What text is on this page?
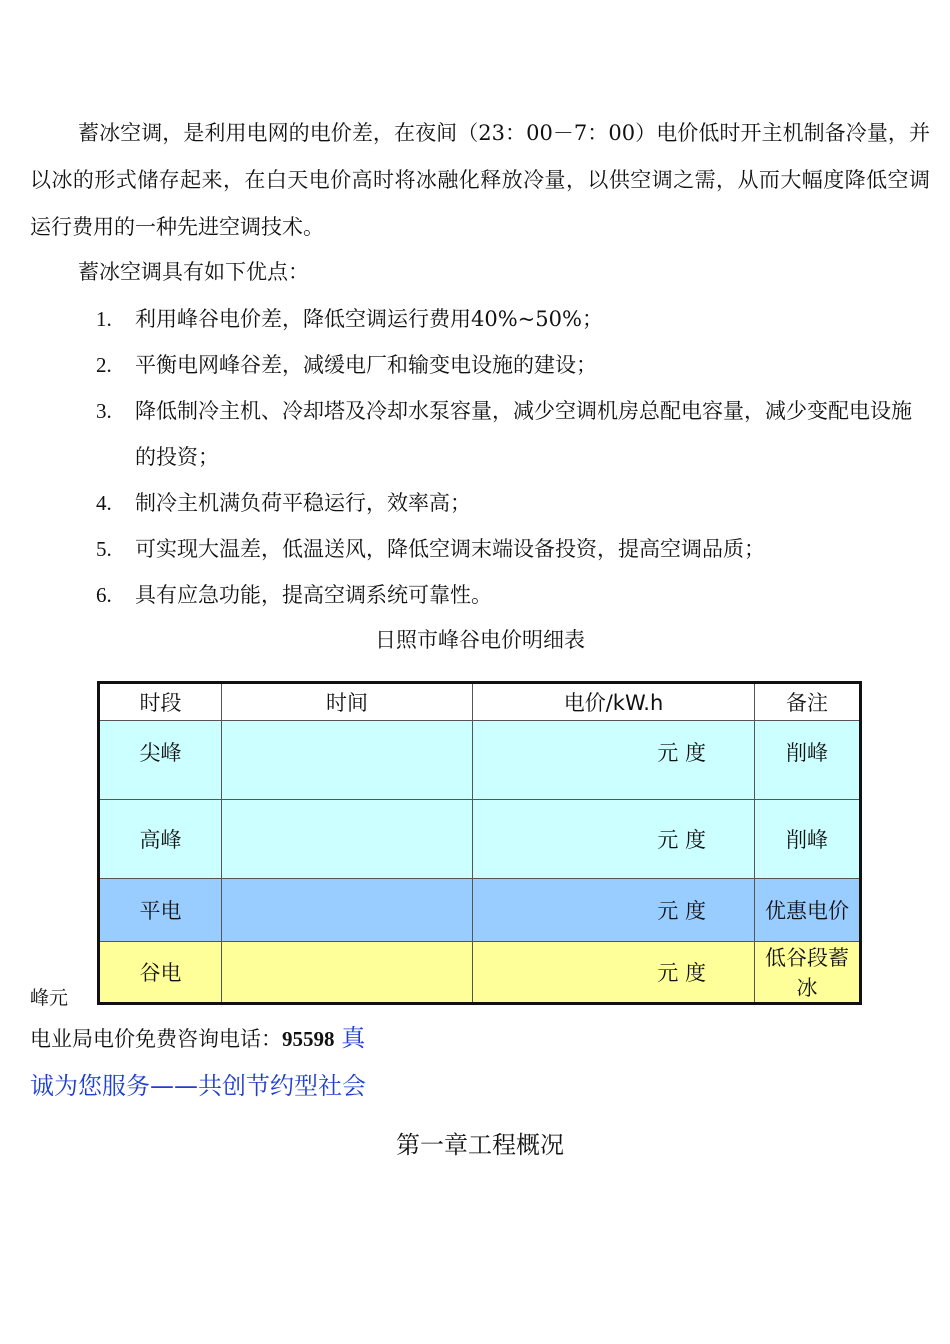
蓄冰空调，是利用电网的电价差，在夜间（23：00－7：00）电价低时开主机制备冷量，并以冰的形式储存起来，在白天电价高时将冰融化释放冷量，以供空调之需，从而大幅度降低空调运行费用的一种先进空调技术。

蓄冰空调具有如下优点：

1.	利用峰谷电价差，降低空调运行费用40%~50%；
2.	平衡电网峰谷差，减缓电厂和输变电设施的建设；
3.	降低制冷主机、冷却塔及冷却水泵容量，减少空调机房总配电容量，减少变配电设施的投资；
4.	制冷主机满负荷平稳运行，效率高；
5.	可实现大温差，低温送风，降低空调末端设备投资，提高空调品质；
6.	具有应急功能，提高空调系统可靠性。

日照市峰谷电价明细表

时段	时间	电价/kW.h	备注
尖峰		元 度	削峰
高峰		元 度	削峰
平电		元 度	优惠电价
谷电		元 度	低谷段蓄冰

峰元

电业局电价免费咨询电话：95598 真

诚为您服务——共创节约型社会

第一章工程概况
